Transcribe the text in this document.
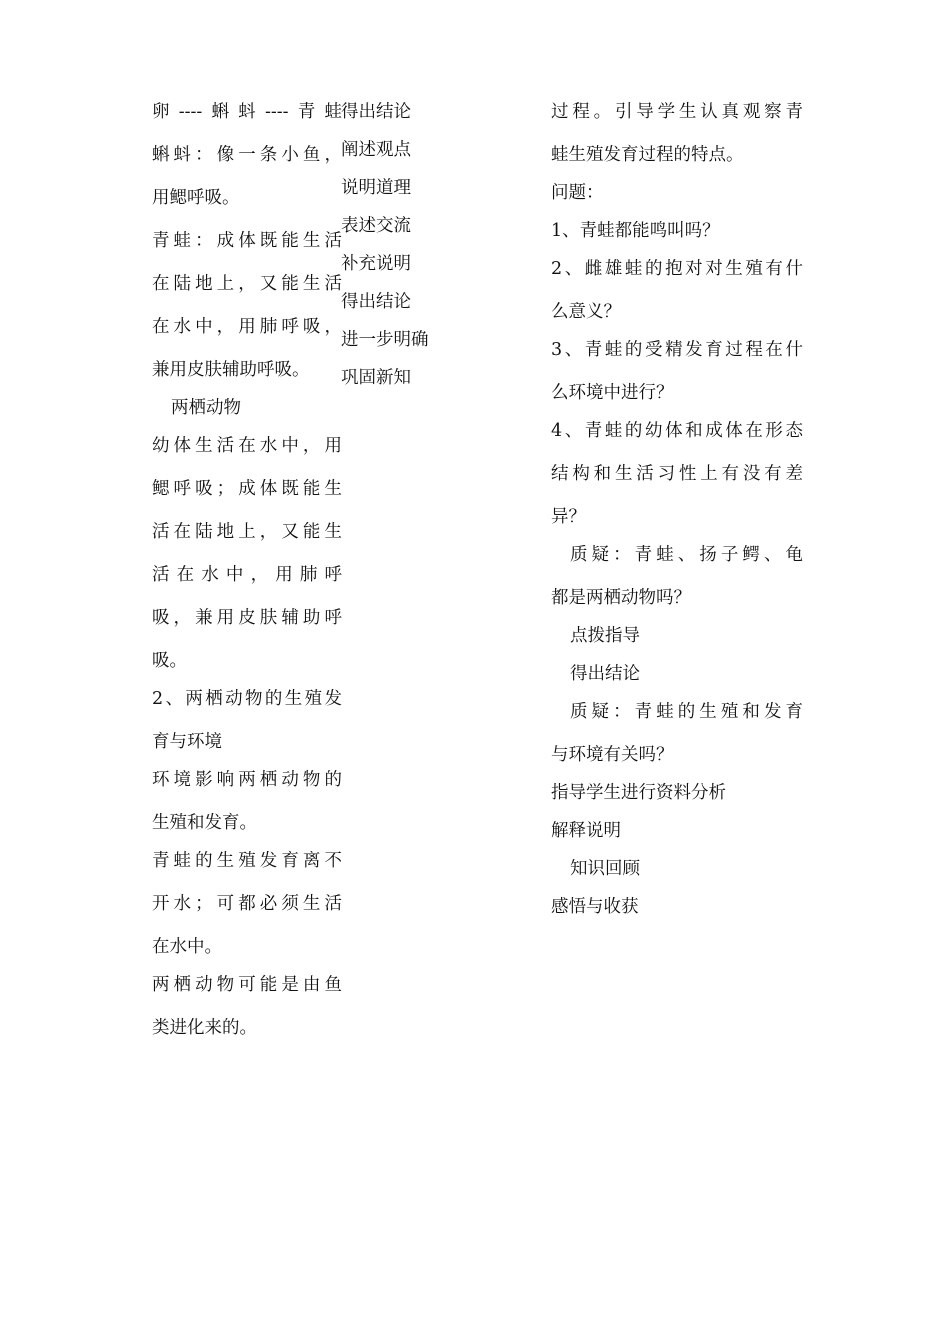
卵----蝌蚪----青蛙
蝌蚪：像一条小鱼，
用鳃呼吸。
青蛙：成体既能生活
在陆地上，又能生活
在水中，用肺呼吸，
兼用皮肤辅助呼吸。
两栖动物
幼体生活在水中，用
鳃呼吸；成体既能生
活在陆地上，又能生
活在水中，用肺呼
吸，兼用皮肤辅助呼
吸。
2、两栖动物的生殖发
育与环境
环境影响两栖动物的
生殖和发育。
青蛙的生殖发育离不
开水；可都必须生活
在水中。
两栖动物可能是由鱼
类进化来的。
得出结论
阐述观点
说明道理
表述交流
补充说明
得出结论
进一步明确
巩固新知
过程。引导学生认真观察青
蛙生殖发育过程的特点。
问题：
1、青蛙都能鸣叫吗？
2、雌雄蛙的抱对对生殖有什
么意义？
3、青蛙的受精发育过程在什
么环境中进行？
4、青蛙的幼体和成体在形态
结构和生活习性上有没有差
异？
质疑：青蛙、扬子鳄、龟
都是两栖动物吗？
点拨指导
得出结论
质疑：青蛙的生殖和发育
与环境有关吗？
指导学生进行资料分析
解释说明
知识回顾
感悟与收获
